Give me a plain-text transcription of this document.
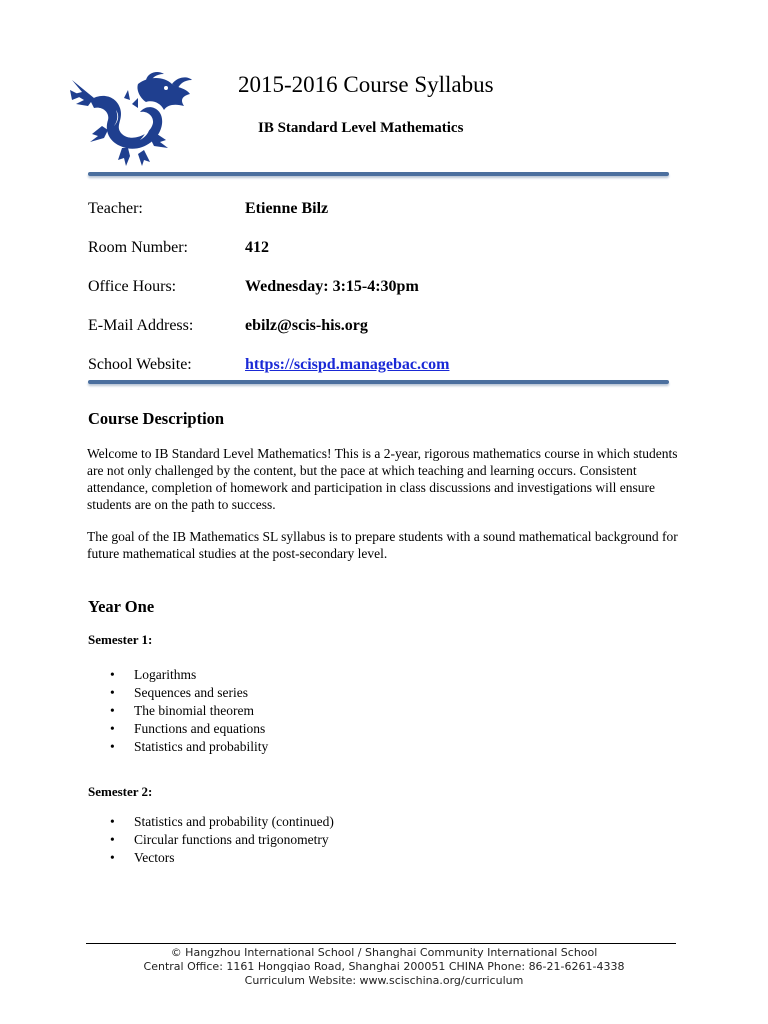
2015-2016 Course Syllabus
IB Standard Level Mathematics
Teacher:	Etienne Bilz
Room Number:	412
Office Hours:	Wednesday: 3:15-4:30pm
E-Mail Address:	ebilz@scis-his.org
School Website:	https://scispd.managebac.com
Course Description
Welcome to IB Standard Level Mathematics! This is a 2-year, rigorous mathematics course in which students are not only challenged by the content, but the pace at which teaching and learning occurs. Consistent attendance, completion of homework and participation in class discussions and investigations will ensure students are on the path to success.
The goal of the IB Mathematics SL syllabus is to prepare students with a sound mathematical background for future mathematical studies at the post-secondary level.
Year One
Semester 1:
• Logarithms
• Sequences and series
• The binomial theorem
• Functions and equations
• Statistics and probability
Semester 2:
• Statistics and probability (continued)
• Circular functions and trigonometry
• Vectors
© Hangzhou International School / Shanghai Community International School
Central Office: 1161 Hongqiao Road, Shanghai 200051 CHINA Phone: 86-21-6261-4338
Curriculum Website: www.scischina.org/curriculum
